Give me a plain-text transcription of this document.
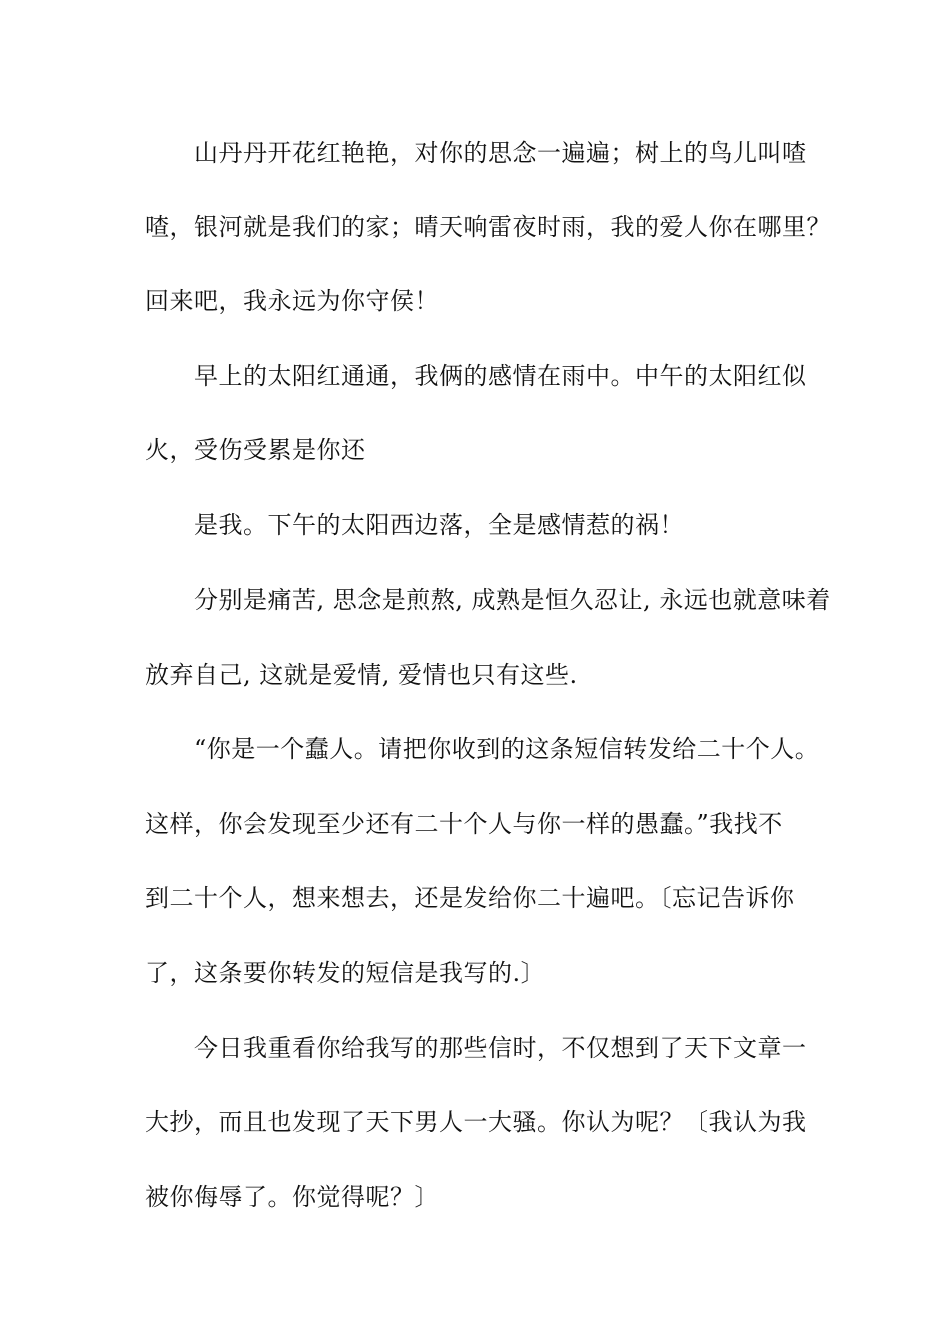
山丹丹开花红艳艳，对你的思念一遍遍；树上的鸟儿叫喳
喳，银河就是我们的家；晴天响雷夜时雨，我的爱人你在哪里？
回来吧，我永远为你守侯！
早上的太阳红通通，我俩的感情在雨中。中午的太阳红似
火，受伤受累是你还
是我。下午的太阳西边落，全是感情惹的祸！
分别是痛苦, 思念是煎熬, 成熟是恒久忍让, 永远也就意味着
放弃自己, 这就是爱情, 爱情也只有这些.
“你是一个蠢人。请把你收到的这条短信转发给二十个人。
这样，你会发现至少还有二十个人与你一样的愚蠢。”我找不
到二十个人，想来想去，还是发给你二十遍吧。〔忘记告诉你
了，这条要你转发的短信是我写的.〕
今日我重看你给我写的那些信时，不仅想到了天下文章一
大抄，而且也发现了天下男人一大骚。你认为呢？〔我认为我
被你侮辱了。你觉得呢？〕
